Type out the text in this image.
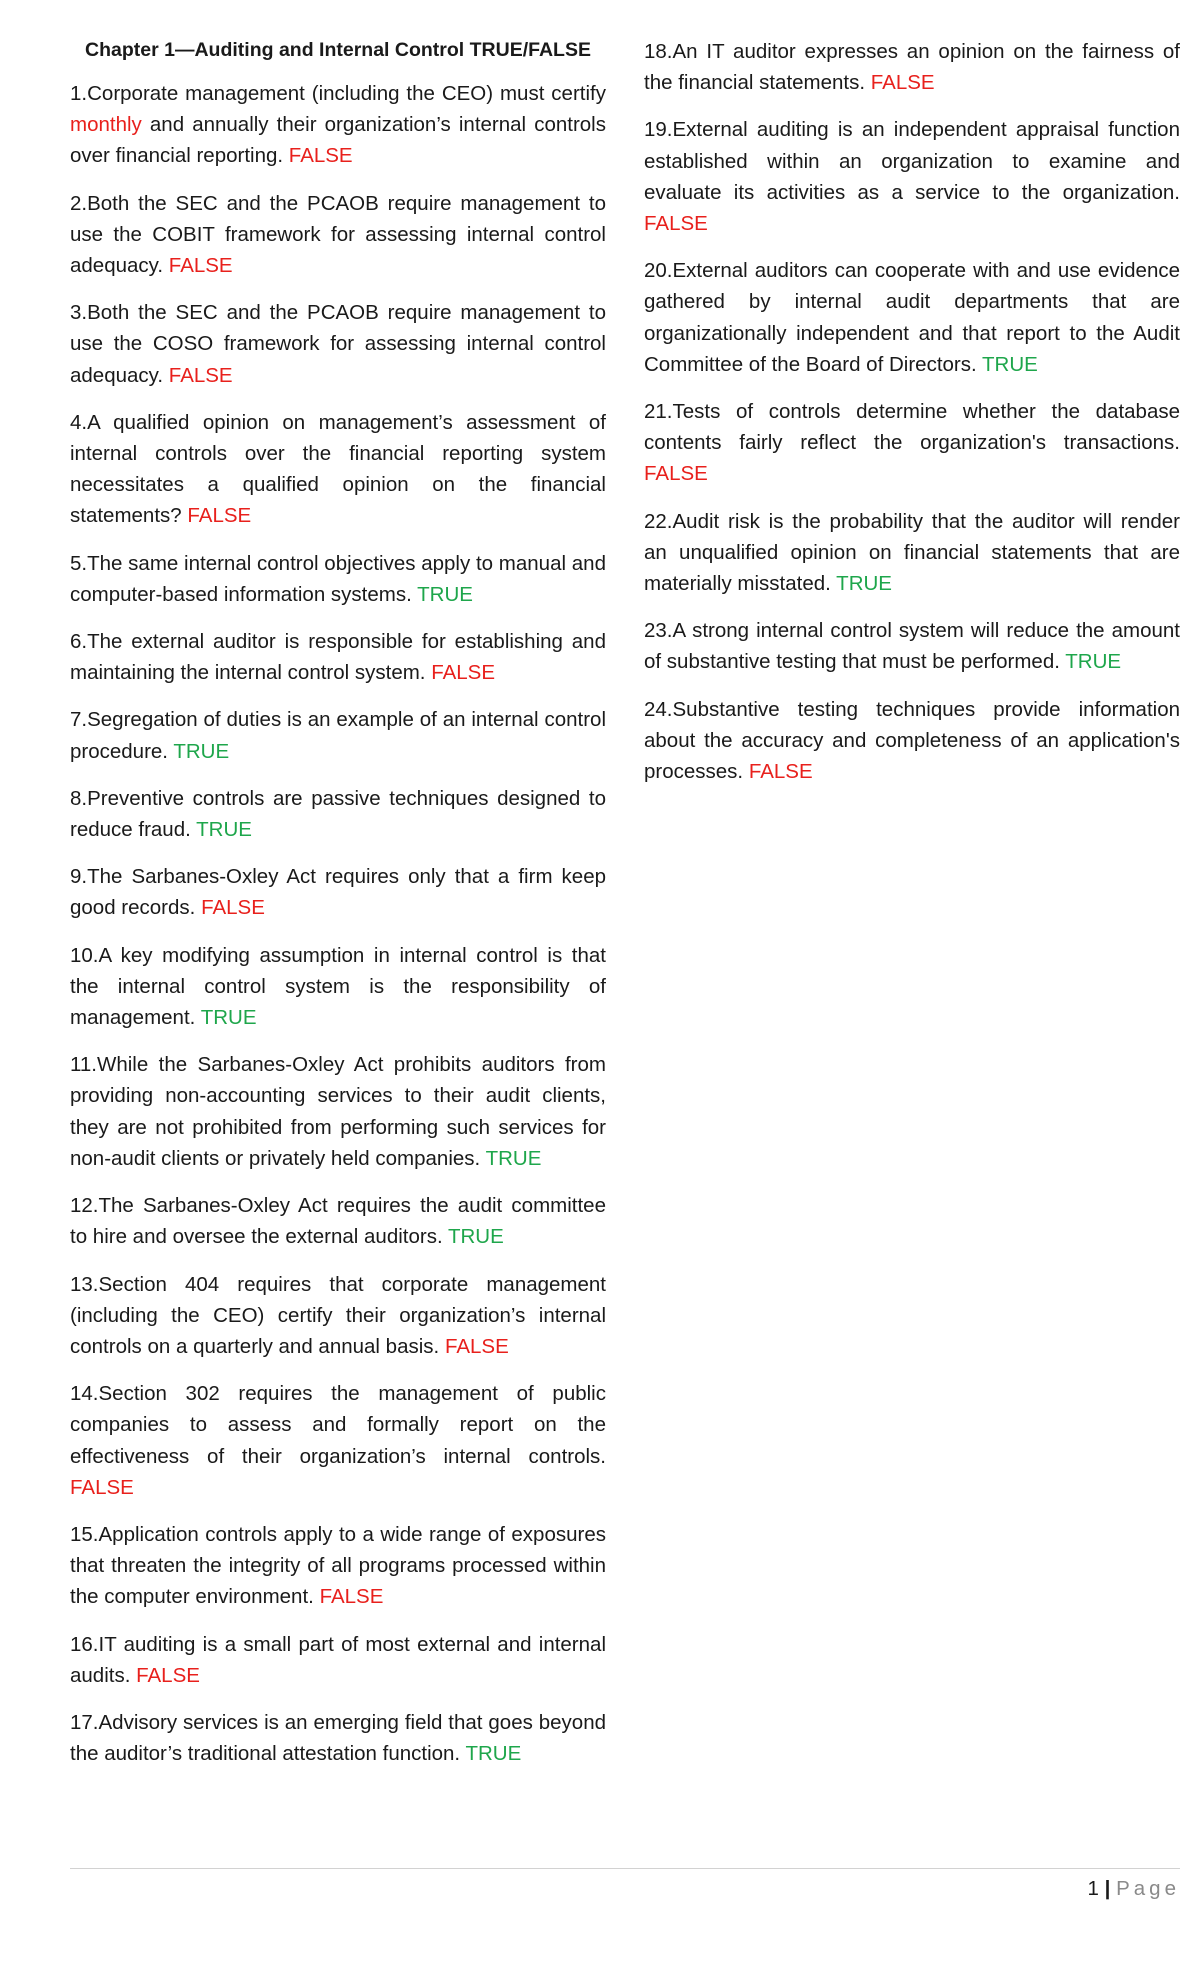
Chapter 1—Auditing and Internal Control TRUE/FALSE

1.Corporate management (including the CEO) must certify monthly and annually their organization’s internal controls over financial reporting. FALSE

2.Both the SEC and the PCAOB require management to use the COBIT framework for assessing internal control adequacy. FALSE

3.Both the SEC and the PCAOB require management to use the COSO framework for assessing internal control adequacy. FALSE

4.A qualified opinion on management’s assessment of internal controls over the financial reporting system necessitates a qualified opinion on the financial statements? FALSE

5.The same internal control objectives apply to manual and computer-based information systems. TRUE

6.The external auditor is responsible for establishing and maintaining the internal control system. FALSE

7.Segregation of duties is an example of an internal control procedure. TRUE

8.Preventive controls are passive techniques designed to reduce fraud. TRUE

9.The Sarbanes-Oxley Act requires only that a firm keep good records. FALSE

10.A key modifying assumption in internal control is that the internal control system is the responsibility of management. TRUE

11.While the Sarbanes-Oxley Act prohibits auditors from providing non-accounting services to their audit clients, they are not prohibited from performing such services for non-audit clients or privately held companies. TRUE

12.The Sarbanes-Oxley Act requires the audit committee to hire and oversee the external auditors. TRUE

13.Section 404 requires that corporate management (including the CEO) certify their organization’s internal controls on a quarterly and annual basis. FALSE

14.Section 302 requires the management of public companies to assess and formally report on the effectiveness of their organization’s internal controls. FALSE

15.Application controls apply to a wide range of exposures that threaten the integrity of all programs processed within the computer environment. FALSE

16.IT auditing is a small part of most external and internal audits. FALSE

17.Advisory services is an emerging field that goes beyond the auditor’s traditional attestation function. TRUE

18.An IT auditor expresses an opinion on the fairness of the financial statements. FALSE

19.External auditing is an independent appraisal function established within an organization to examine and evaluate its activities as a service to the organization. FALSE

20.External auditors can cooperate with and use evidence gathered by internal audit departments that are organizationally independent and that report to the Audit Committee of the Board of Directors. TRUE

21.Tests of controls determine whether the database contents fairly reflect the organization's transactions. FALSE

22.Audit risk is the probability that the auditor will render an unqualified opinion on financial statements that are materially misstated. TRUE

23.A strong internal control system will reduce the amount of substantive testing that must be performed. TRUE

24.Substantive testing techniques provide information about the accuracy and completeness of an application's processes. FALSE

1 | Page
